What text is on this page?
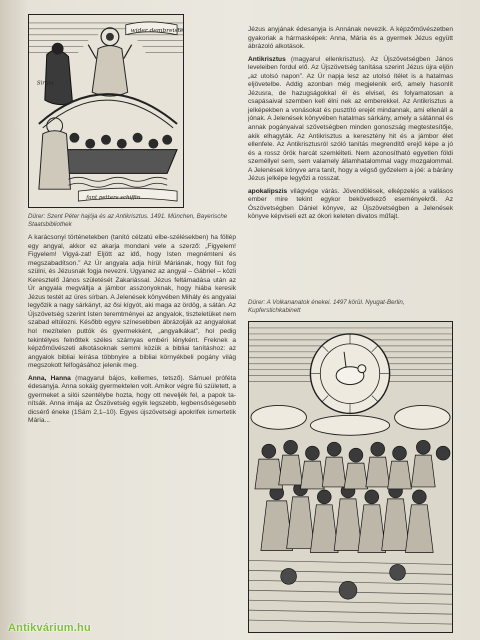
wider dembreiste
Sirgiu
fant petters schiffin
Dürer: Szent Péter hajója és az Antikrisztus. 1491. München, Bayerische Staatsbibliothek

A karácsonyi történetekben (tanító célzatú elbe-szélésekben) ha föllép egy angyal, akkor ez akarja mondani vele a szerző: „Figyelem! Figyelem! Vigyá-zat! Eljött az idő, hogy Isten megnémteni és megszabadítson.” Az Úr angyala adja hírül Máriának, hogy fiút fog szülni, és Jézusnak fogja nevezni. Ugyanez az angyal – Gábriel – közli Keresztelő János születését Zakariással. Jézus feltámadása után az Úr angyala megváltja a jámbor asszonyoknak, hogy hiába keresik Jézus testét az üres sírban. A Jelenések könyvében Mihály és angyalai legyőzik a nagy sárkányt, az ősi kígyót, aki maga az ördög, a sátán. Az Újszövetség szerint Isten teremtményei az angyalok, tiszteletüket nem szabad eltúlozni. Később egyre színesebben ábrázolják az angyalokat hol mezítelen puttók és gyermekként, „angyalkákat”, hol pedig tekintélyes felnőttek széles szárnyas embéri lényként. Freknek a képzőművészeti alkotásoknak semmi közük a bibliai tanításhoz: az angyalok bibliai leírása többnyire a bibliai környékbeli pogány világ megszokott felfogásához jelenik meg.

Anna, Hanna (magyarul bájos, kellemes, tetsző). Sámuel próféta édesanyja. Anna sokáig gyermektelen volt. Amikor végre fiú született, a gyermeket a silói szentélybe hozta, hogy ott neveljék fel, a papok ta-nítsák. Anna imája az Ószövetség egyik legszebb, legbensőségesebb dicsérő éneke (1Sám 2,1–10). Egyes újszövetségi apokrifek ismertetik Mária...

Jézus anyjának édesanyja is Annának nevezik. A képzőművészetben gyakoriak a hármasképek: Anna, Mária és a gyermek Jézus együtt ábrázoló alkotások.

Antikrisztus (magyarul ellenkrisztus). Az Újszövetségben János leveleiben fordul elő. Az Újszövetség tanítása szerint Jézus újra eljön „az utolsó napon”. Az Úr napja lesz az utolsó ítélet is a hatalmas eljövetelbe. Addig azonban még megjelenik erő, amely hasonlít Jézusra, de hazugságokkal él és elvisel, és folyamatosan a csapásaival szemben kell élni nek az emberekkel. Az Antikrisztus a jelképekben a vonásokat és pusztító erejét mindannak, ami ellenáll a jónak. A Jelenések könyvében hatalmas sárkány, amely a sátánnal és annak pogányaival szövetségben minden gonoszság megtestesítője, akik elhagyták. Az Antikrisztus a keresztény hit és a jámbor élet ellenfele. Az Antikrisztusról szóló tanítás megrendítő erejű képe a jó és a rossz örök harcát szemlélteti. Nem azonosítható egyetlen földi személlyel sem, sem valamely államhatalommal vagy mozgalommal. A Jelenések könyve arra tanít, hogy a végső győzelem a jóé: a bárány Jézus jelképe legyőzi a rosszat.

apokalipszis világvége várás. Jövendölések, elképzelés a vallásos ember mire tekint egykor bekövetkező eseményekről. Az Ószövetségben Dániel könyve, az Újszövetségben a Jelenések könyve képviseli ezt az ókori keleten divatos műfajt.

Dürer: A Volkananatok énekei. 1497 körül. Nyugat-Berlin, Kupferstichkabinett
Antikvárium.hu
